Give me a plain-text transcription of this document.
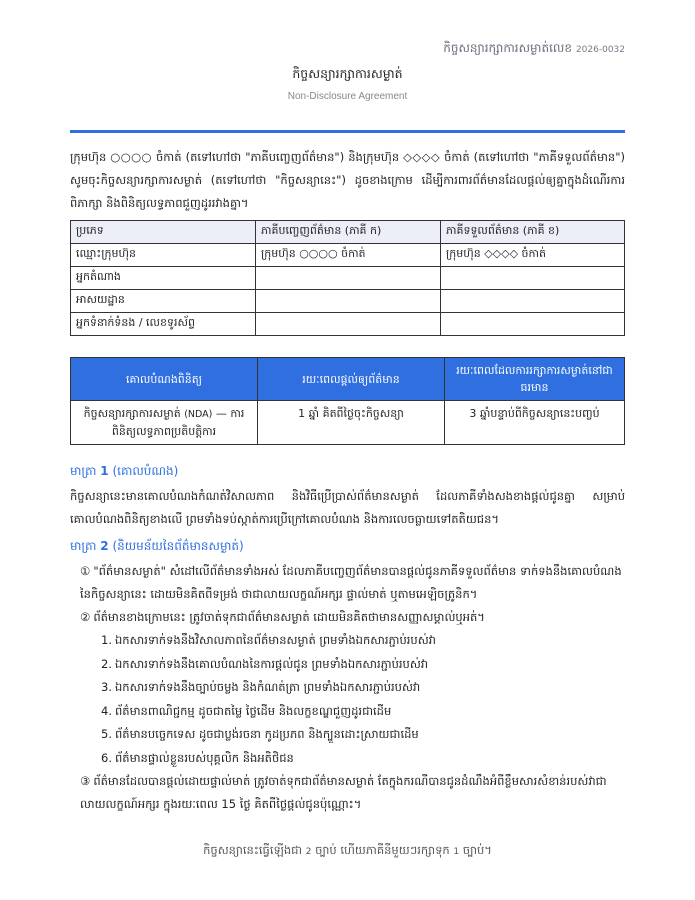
កិច្ចសន្យារក្សាការសម្ងាត់លេខ 2026-0032
កិច្ចសន្យារក្សាការសម្ងាត់
Non-Disclosure Agreement
ក្រុមហ៊ុន ○○○○ ចំកាត់ (តទៅហៅថា "ភាគីបញ្ចេញព័ត៌មាន") និងក្រុមហ៊ុន ◇◇◇◇ ចំកាត់ (តទៅហៅថា "ភាគីទទួលព័ត៌មាន") សូមចុះកិច្ចសន្យារក្សាការសម្ងាត់ (តទៅហៅថា "កិច្ចសន្យានេះ") ដូចខាងក្រោម ដើម្បីការពារព័ត៌មានដែលផ្ដល់ឲ្យគ្នាក្នុងដំណើរការពិភាក្សា និងពិនិត្យលទ្ធភាពជួញដូររវាងគ្នា។
ប្រភេទ	ភាគីបញ្ចេញព័ត៌មាន (ភាគី ក)	ភាគីទទួលព័ត៌មាន (ភាគី ខ)
ឈ្មោះក្រុមហ៊ុន	ក្រុមហ៊ុន ○○○○ ចំកាត់	ក្រុមហ៊ុន ◇◇◇◇ ចំកាត់
អ្នកតំណាង		
អាសយដ្ឋាន		
អ្នកទំនាក់ទំនង / លេខទូរស័ព្ទ		
គោលបំណងពិនិត្យ	រយៈពេលផ្ដល់ឲ្យព័ត៌មាន	រយៈពេលដែលការរក្សាការសម្ងាត់នៅជាធរមាន
កិច្ចសន្យារក្សាការសម្ងាត់ (NDA) — ការពិនិត្យលទ្ធភាពប្រតិបត្តិការ	1 ឆ្នាំ គិតពីថ្ងៃចុះកិច្ចសន្យា	3 ឆ្នាំបន្ទាប់ពីកិច្ចសន្យានេះបញ្ចប់
មាត្រា 1 (គោលបំណង)
កិច្ចសន្យានេះមានគោលបំណងកំណត់វិសាលភាព និងវិធីប្រើប្រាស់ព័ត៌មានសម្ងាត់ ដែលភាគីទាំងសងខាងផ្ដល់ជូនគ្នា សម្រាប់គោលបំណងពិនិត្យខាងលើ ព្រមទាំងទប់ស្កាត់ការប្រើក្រៅគោលបំណង និងការលេចធ្លាយទៅតតិយជន។
មាត្រា 2 (និយមន័យនៃព័ត៌មានសម្ងាត់)
① "ព័ត៌មានសម្ងាត់" សំដៅលើព័ត៌មានទាំងអស់ ដែលភាគីបញ្ចេញព័ត៌មានបានផ្ដល់ជូនភាគីទទួលព័ត៌មាន ទាក់ទងនឹងគោលបំណងនៃកិច្ចសន្យានេះ ដោយមិនគិតពីទម្រង់ ថាជាលាយលក្ខណ៍អក្សរ ផ្ទាល់មាត់ ឬតាមអេឡិចត្រូនិក។
② ព័ត៌មានខាងក្រោមនេះ ត្រូវចាត់ទុកជាព័ត៌មានសម្ងាត់ ដោយមិនគិតថាមានសញ្ញាសម្គាល់ឬអត់។
1. ឯកសារទាក់ទងនឹងវិសាលភាពនៃព័ត៌មានសម្ងាត់ ព្រមទាំងឯកសារភ្ជាប់របស់វា
2. ឯកសារទាក់ទងនឹងគោលបំណងនៃការផ្ដល់ជូន ព្រមទាំងឯកសារភ្ជាប់របស់វា
3. ឯកសារទាក់ទងនឹងច្បាប់ចម្លង និងកំណត់ត្រា ព្រមទាំងឯកសារភ្ជាប់របស់វា
4. ព័ត៌មានពាណិជ្ជកម្ម ដូចជាតម្លៃ ថ្លៃដើម និងលក្ខខណ្ឌជួញដូរជាដើម
5. ព័ត៌មានបច្ចេកទេស ដូចជាប្លង់រចនា កូដប្រភព និងក្បួនដោះស្រាយជាដើម
6. ព័ត៌មានផ្ទាល់ខ្លួនរបស់បុគ្គលិក និងអតិថិជន
③ ព័ត៌មានដែលបានផ្ដល់ដោយផ្ទាល់មាត់ ត្រូវចាត់ទុកជាព័ត៌មានសម្ងាត់ តែក្នុងករណីបានជូនដំណឹងអំពីខ្លឹមសារសំខាន់របស់វាជាលាយលក្ខណ៍អក្សរ ក្នុងរយៈពេល 15 ថ្ងៃ គិតពីថ្ងៃផ្ដល់ជូនប៉ុណ្ណោះ។
កិច្ចសន្យានេះធ្វើឡើងជា 2 ច្បាប់ ហើយភាគីនីមួយៗរក្សាទុក 1 ច្បាប់។
